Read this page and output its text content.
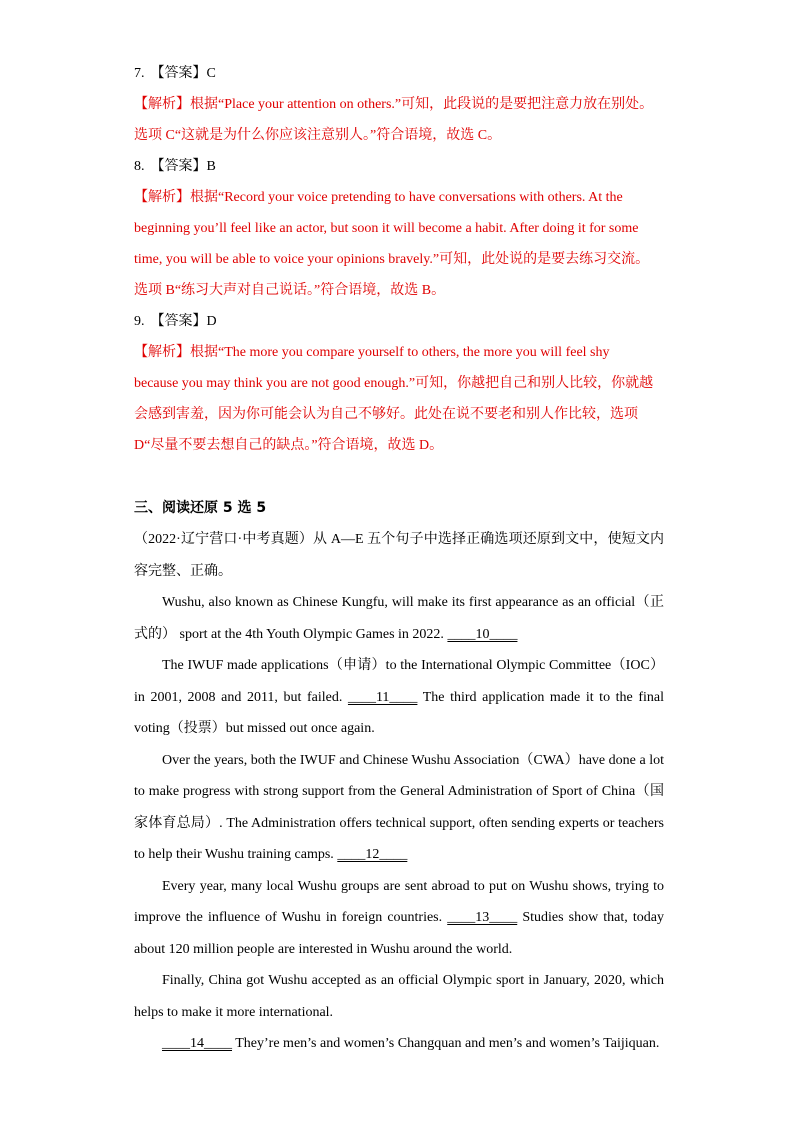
7. 【答案】C
【解析】根据“Place your attention on others.”可知，此段说的是要把注意力放在别处。
选项 C“这就是为什么你应该注意别人。”符合语境，故选 C。
8. 【答案】B
【解析】根据“Record your voice pretending to have conversations with others. At the
beginning you’ll feel like an actor, but soon it will become a habit. After doing it for some
time, you will be able to voice your opinions bravely.”可知，此处说的是要去练习交流。
选项 B“练习大声对自己说话。”符合语境，故选 B。
9. 【答案】D
【解析】根据“The more you compare yourself to others, the more you will feel shy
because you may think you are not good enough.”可知，你越把自己和别人比较，你就越
会感到害羞，因为你可能会认为自己不够好。此处在说不要老和别人作比较，选项
D“尽量不要去想自己的缺点。”符合语境，故选 D。
三、阅读还原 5 选 5

（2022·辽宁营口·中考真题）从 A—E 五个句子中选择正确选项还原到文中，使短文内容完整、正确。

Wushu, also known as Chinese Kungfu, will make its first appearance as an official（正式的） sport at the 4th Youth Olympic Games in 2022. ____10____

The IWUF made applications（申请）to the International Olympic Committee（IOC）in 2001, 2008 and 2011, but failed. ____11____ The third application made it to the final voting（投票）but missed out once again.

Over the years, both the IWUF and Chinese Wushu Association（CWA）have done a lot to make progress with strong support from the General Administration of Sport of China（国家体育总局）. The Administration offers technical support, often sending experts or teachers to help their Wushu training camps. ____12____

Every year, many local Wushu groups are sent abroad to put on Wushu shows, trying to improve the influence of Wushu in foreign countries. ____13____ Studies show that, today about 120 million people are interested in Wushu around the world.

Finally, China got Wushu accepted as an official Olympic sport in January, 2020, which helps to make it more international.

____14____ They’re men’s and women’s Changquan and men’s and women’s Taijiquan.
